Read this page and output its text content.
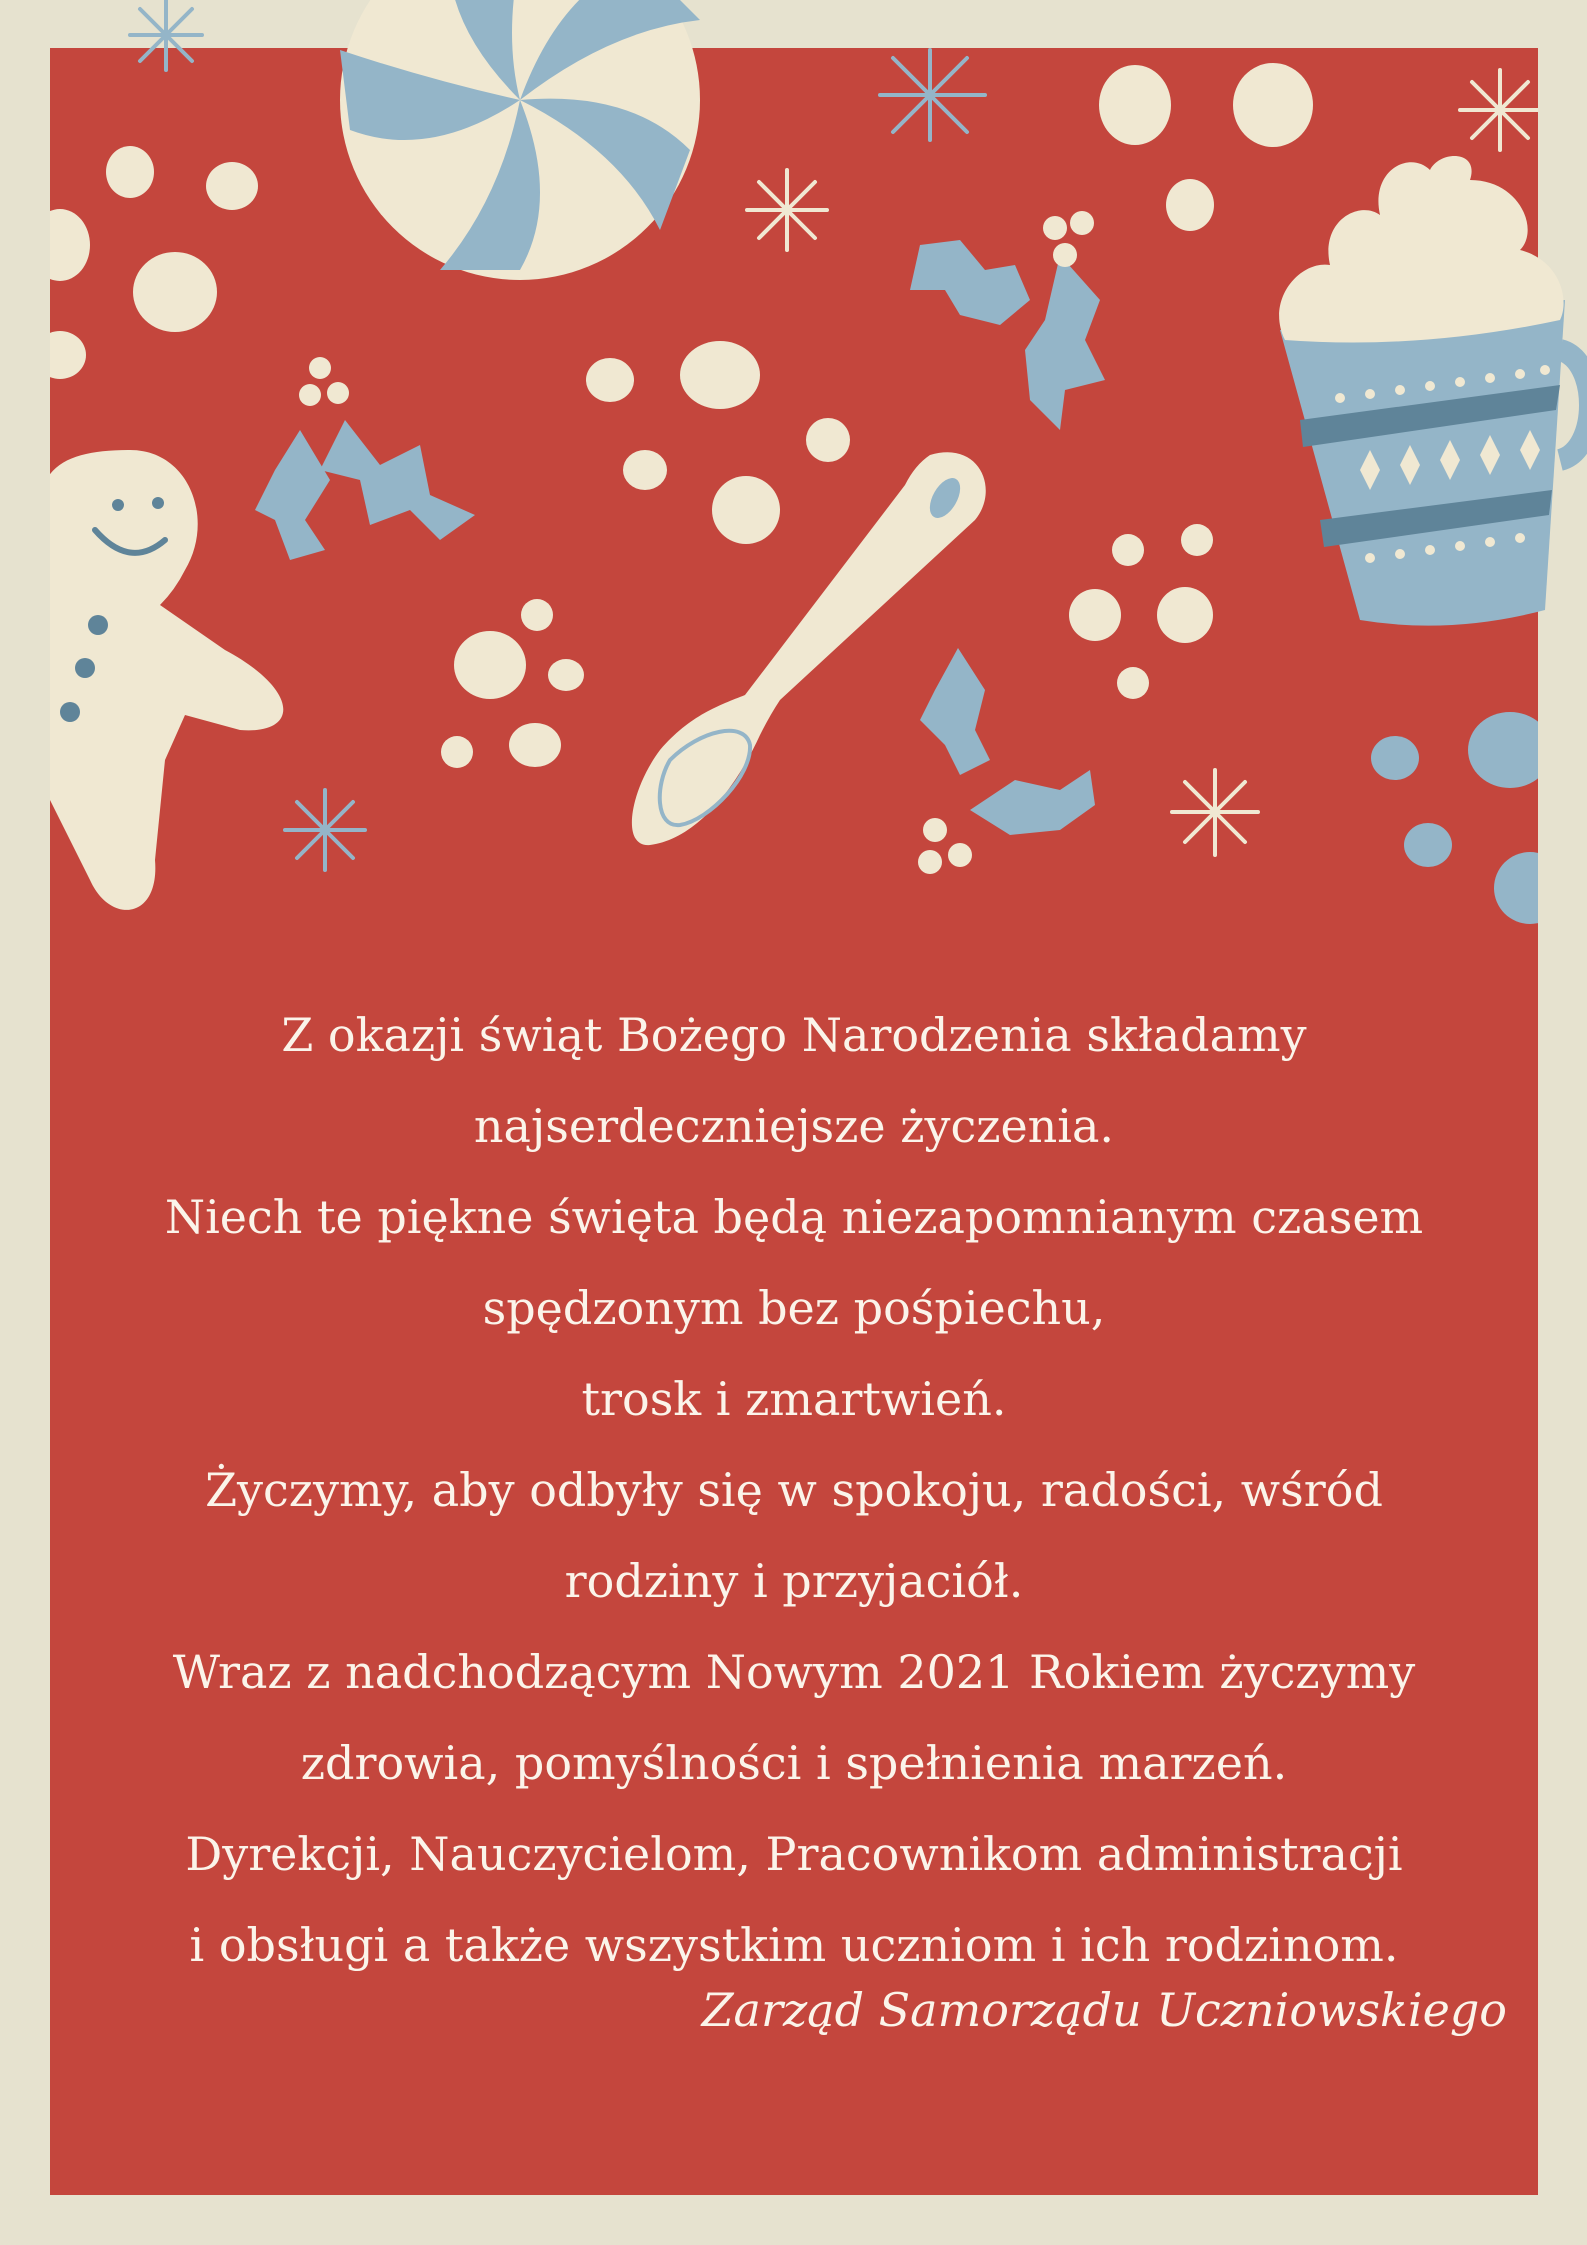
Z okazji świąt Bożego Narodzenia składamy

najserdeczniejsze życzenia.

Niech te piękne święta będą niezapomnianym czasem

spędzonym bez pośpiechu,

trosk i zmartwień.

Życzymy, aby odbyły się w spokoju, radości, wśród

rodziny i przyjaciół.

Wraz z nadchodzącym Nowym 2021 Rokiem życzymy

zdrowia, pomyślności i spełnienia marzeń.

Dyrekcji, Nauczycielom, Pracownikom administracji

i obsługi a także wszystkim uczniom i ich rodzinom.

Zarząd Samorządu Uczniowskiego
